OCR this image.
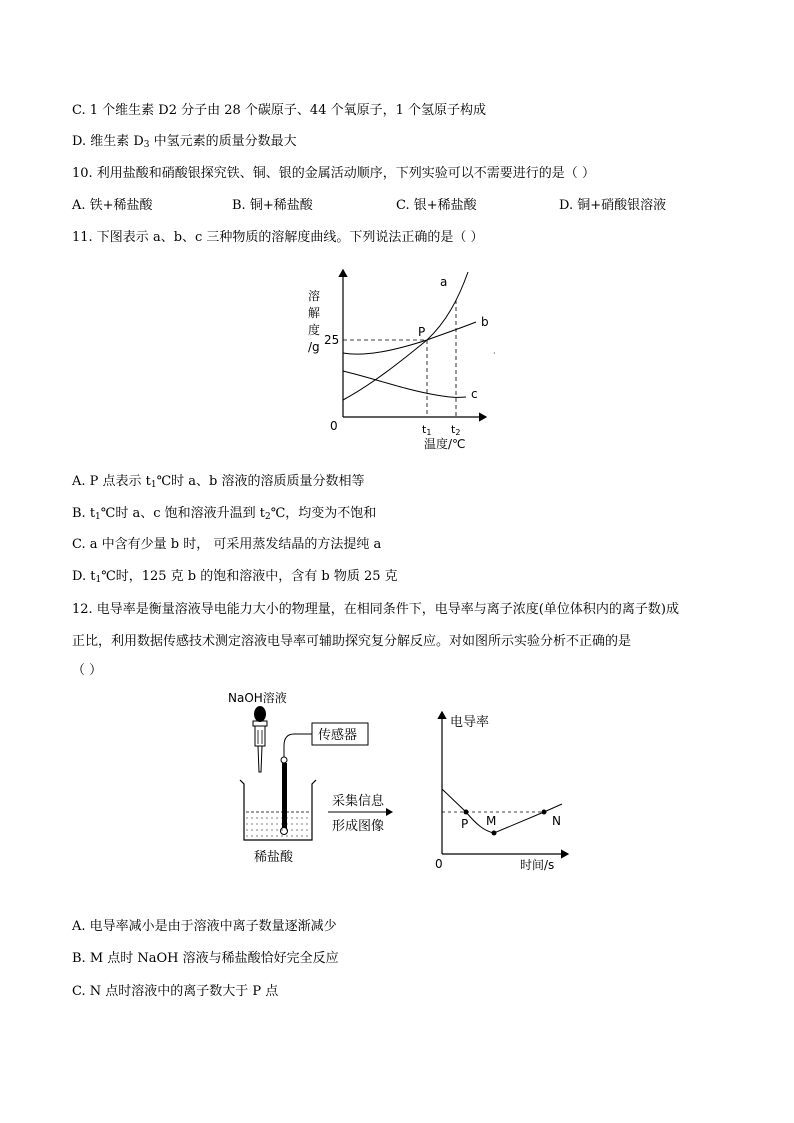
C. 1 个维生素 D2 分子由 28 个碳原子、44 个氧原子，1 个氢原子构成
D. 维生素 $D_3$ 中氢元素的质量分数最大
10. 利用盐酸和硝酸银探究铁、铜、银的金属活动顺序，下列实验可以不需要进行的是（ ）
A. 铁+稀盐酸	B. 铜+稀盐酸	C. 银+稀盐酸	D. 铜+硝酸银溶液
11. 下图表示 a、b、c 三种物质的溶解度曲线。下列说法正确的是（ ）
溶
解
度
/g 25
0	t1 t2
温度/℃
P
a
b
c
·
A. P 点表示 $t_1℃$时 a、b 溶液的溶质质量分数相等
B. $t_1℃$时 a、c 饱和溶液升温到 $t_2℃$，均变为不饱和
C. a 中含有少量 b 时， 可采用蒸发结晶的方法提纯 a
D. $t_1℃$时，125 克 b 的饱和溶液中，含有 b 物质 25 克
12. 电导率是衡量溶液导电能力大小的物理量，在相同条件下，电导率与离子浓度(单位体积内的离子数)成
正比，利用数据传感技术测定溶液电导率可辅助探究复分解反应。对如图所示实验分析不正确的是
（ ）
NaOH溶液
传感器
稀盐酸
采集信息
形成图像
电导率
时间/s
0
P M	N
A. 电导率减小是由于溶液中离子数量逐渐减少
B. M 点时 NaOH 溶液与稀盐酸恰好完全反应
C. N 点时溶液中的离子数大于 P 点
